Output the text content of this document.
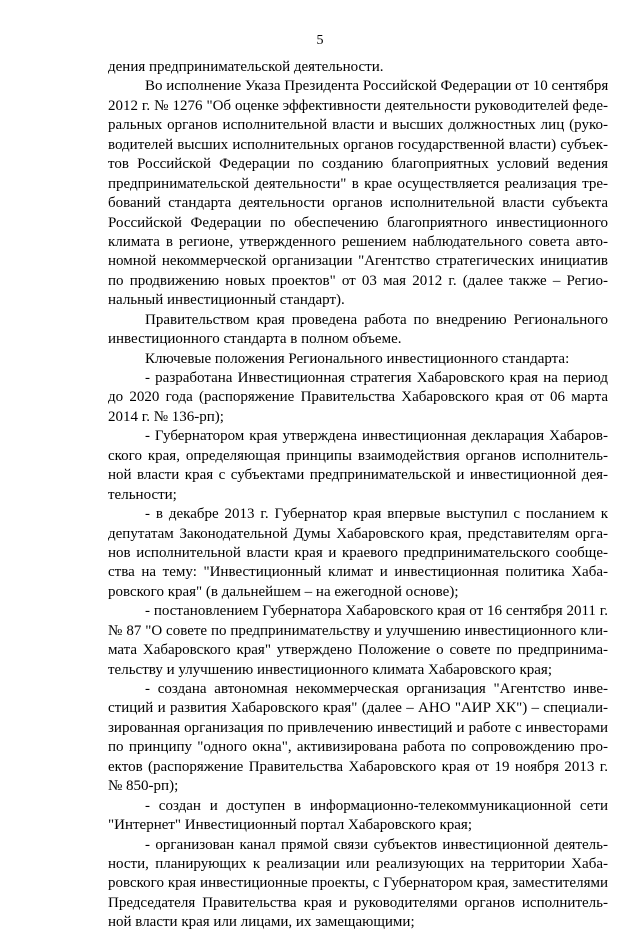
5
дения предпринимательской деятельности.
Во исполнение Указа Президента Российской Федерации от 10 сентября
2012 г. № 1276 "Об оценке эффективности деятельности руководителей феде-
ральных органов исполнительной власти и высших должностных лиц (руко-
водителей высших исполнительных органов государственной власти) субъек-
тов Российской Федерации по созданию благоприятных условий ведения
предпринимательской деятельности" в крае осуществляется реализация тре-
бований стандарта деятельности органов исполнительной власти субъекта
Российской Федерации по обеспечению благоприятного инвестиционного
климата в регионе, утвержденного решением наблюдательного совета авто-
номной некоммерческой организации "Агентство стратегических инициатив
по продвижению новых проектов" от 03 мая 2012 г. (далее также – Регио-
нальный инвестиционный стандарт).
Правительством края проведена работа по внедрению Регионального
инвестиционного стандарта в полном объеме.
Ключевые положения Регионального инвестиционного стандарта:
- разработана Инвестиционная стратегия Хабаровского края на период
до 2020 года (распоряжение Правительства Хабаровского края от 06 марта
2014 г. № 136-рп);
- Губернатором края утверждена инвестиционная декларация Хабаров-
ского края, определяющая принципы взаимодействия органов исполнитель-
ной власти края с субъектами предпринимательской и инвестиционной дея-
тельности;
- в декабре 2013 г. Губернатор края впервые выступил с посланием к
депутатам Законодательной Думы Хабаровского края, представителям орга-
нов исполнительной власти края и краевого предпринимательского сообще-
ства на тему: "Инвестиционный климат и инвестиционная политика Хаба-
ровского края" (в дальнейшем – на ежегодной основе);
- постановлением Губернатора Хабаровского края от 16 сентября 2011 г.
№ 87 "О совете по предпринимательству и улучшению инвестиционного кли-
мата Хабаровского края" утверждено Положение о совете по предпринима-
тельству и улучшению инвестиционного климата Хабаровского края;
- создана автономная некоммерческая организация "Агентство инве-
стиций и развития Хабаровского края" (далее – АНО "АИР ХК") – специали-
зированная организация по привлечению инвестиций и работе с инвесторами
по принципу "одного окна", активизирована работа по сопровождению про-
ектов (распоряжение Правительства Хабаровского края от 19 ноября 2013 г.
№ 850-рп);
- создан и доступен в информационно-телекоммуникационной сети
"Интернет" Инвестиционный портал Хабаровского края;
- организован канал прямой связи субъектов инвестиционной деятель-
ности, планирующих к реализации или реализующих на территории Хаба-
ровского края инвестиционные проекты, с Губернатором края, заместителями
Председателя Правительства края и руководителями органов исполнитель-
ной власти края или лицами, их замещающими;
